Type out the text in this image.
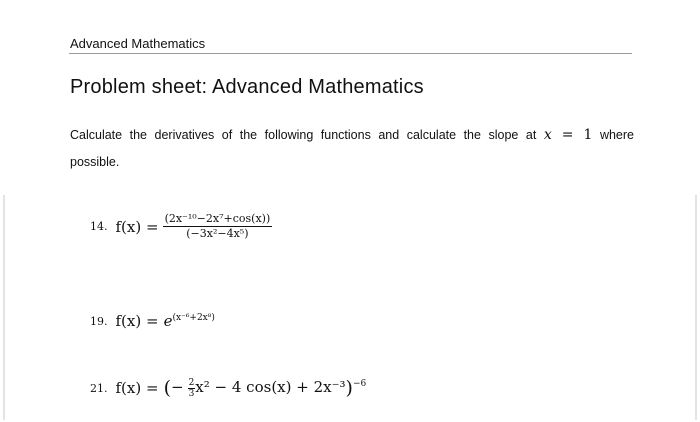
Advanced Mathematics
Problem sheet: Advanced Mathematics

Calculate the derivatives of the following functions and calculate the slope at x = 1 where possible.

14. $f(x) = \frac{\text{(2x⁻¹⁰−2x⁷+cos(x))}}{\text{(−3x²−4x⁵)}}$
19. $f(x) = e^{(x^{-6}+2x^8)}$
21. f(x) = (− $\frac{2}{3} x^2 - 4$ cos(x) + 2x⁻³)$^{-6}$
